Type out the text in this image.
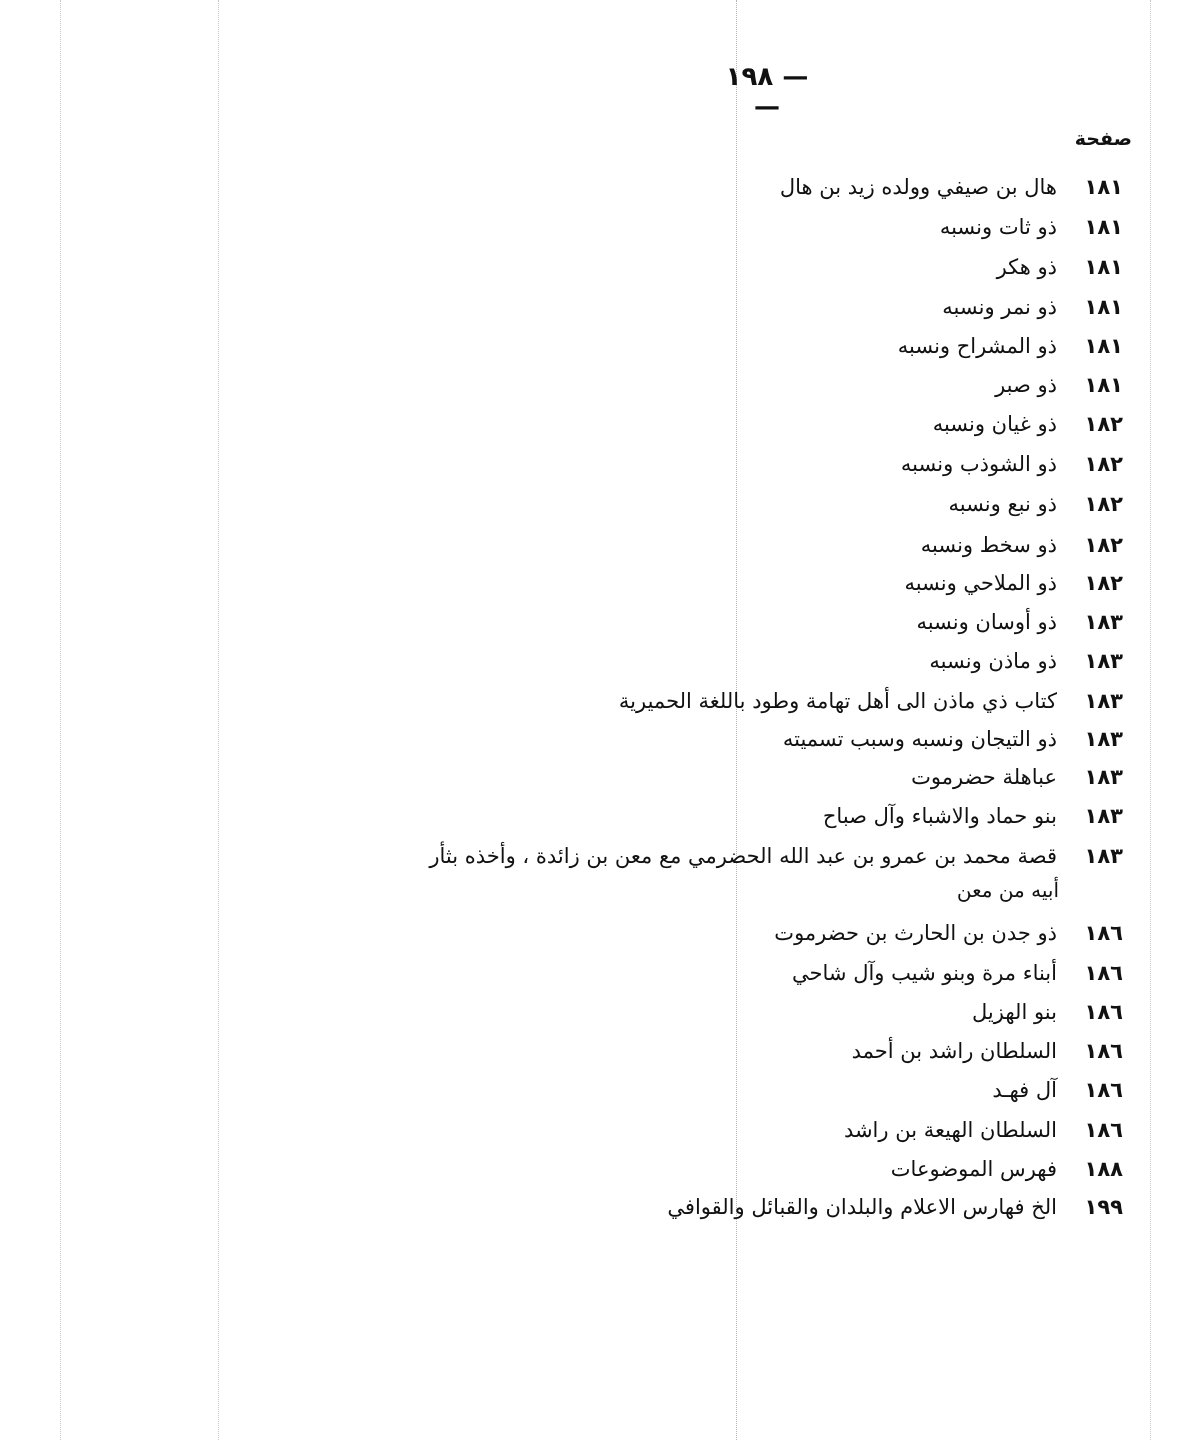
— ١٩٨ —
صفحة
١٨١هال بن صيفي وولده زيد بن هال
١٨١ذو ثات ونسبه
١٨١ذو هكر
١٨١ذو نمر ونسبه
١٨١ذو المشراح ونسبه
١٨١ذو صبر
١٨٢ذو غيان ونسبه
١٨٢ذو الشوذب ونسبه
١٨٢ذو نبع ونسبه
١٨٢ذو سخط ونسبه
١٨٢ذو الملاحي ونسبه
١٨٣ذو أوسان ونسبه
١٨٣ذو ماذن ونسبه
١٨٣كتاب ذي ماذن الى أهل تهامة وطود باللغة الحميرية
١٨٣ذو التيجان ونسبه وسبب تسميته
١٨٣عباهلة حضرموت
١٨٣بنو حماد والاشباء وآل صباح
١٨٣قصة محمد بن عمرو بن عبد الله الحضرمي مع معن بن زائدة ، وأخذه بثأر
أبيه من معن
١٨٦ذو جدن بن الحارث بن حضرموت
١٨٦أبناء مرة وبنو شيب وآل شاحي
١٨٦بنو الهزيل
١٨٦السلطان راشد بن أحمد
١٨٦آل فهـد
١٨٦السلطان الهيعة بن راشد
١٨٨فهرس الموضوعات
١٩٩الخ فهارس الاعلام والبلدان والقبائل والقوافي
